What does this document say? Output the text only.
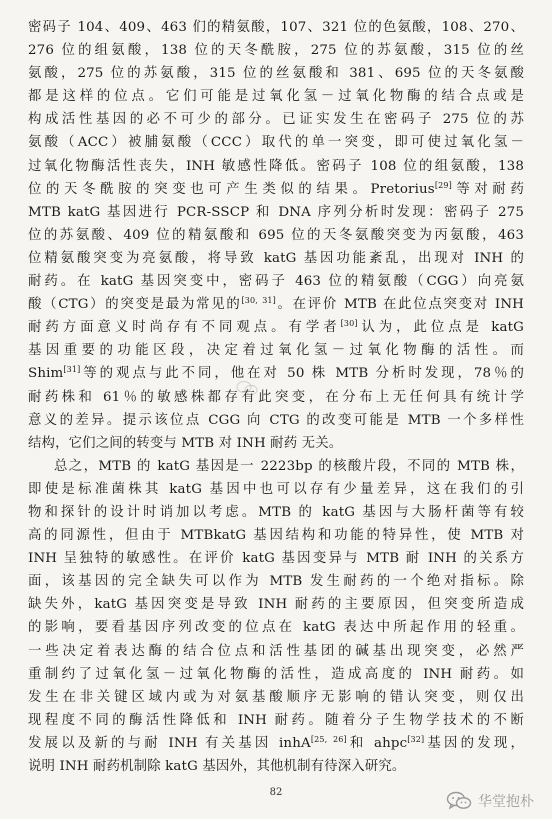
密码子 104、409、463 们的精氨酸，107、321 位的色氨酸，108、270、
276 位的组氨酸，138 位的天冬酰胺，275 位的苏氨酸，315 位的丝
氨酸，275 位的苏氨酸，315 位的丝氨酸和 381、695 位的天冬氨酸
都是这样的位点。它们可能是过氧化氢－过氧化物酶的结合点或是
构成活性基因的必不可少的部分。已证实发生在密码子 275 位的苏
氨酸（ACC）被脯氨酸（CCC）取代的单一突变，即可使过氧化氢－
过氧化物酶活性丧失，INH 敏感性降低。密码子 108 位的组氨酸，138
位的天冬酰胺的突变也可产生类似的结果。Pretorius[29]等对耐药
MTB katG 基因进行 PCR-SSCP 和 DNA 序列分析时发现：密码子 275
位的苏氨酸、409 位的精氨酸和 695 位的天冬氨酸突变为丙氨酸，463
位精氨酸突变为亮氨酸，将导致 katG 基因功能紊乱，出现对 INH 的
耐药。在 katG 基因突变中，密码子 463 位的精氨酸（CGG）向亮氨
酸（CTG）的突变是最为常见的[30, 31]。在评价 MTB 在此位点突变对 INH
耐药方面意义时尚存有不同观点。有学者[30]认为，此位点是 katG
基因重要的功能区段，决定着过氧化氢－过氧化物酶的活性。而
Shim[31]等的观点与此不同，他在对 50 株 MTB 分析时发现，78％的
耐药株和 61％的敏感株都存有此突变，在分布上无任何具有统计学
意义的差异。提示该位点 CGG 向 CTG 的改变可能是 MTB 一个多样性
结构，它们之间的转变与 MTB 对 INH 耐药 无关。
总之，MTB 的 katG 基因是一 2223bp 的核酸片段，不同的 MTB 株，
即使是标准菌株其 katG 基因中也可以存有少量差异，这在我们的引
物和探针的设计时诮加以考虑。MTB 的 katG 基因与大肠杆菌等有较
高的同源性，但由于 MTBkatG 基因结构和功能的特异性，使 MTB 对
INH 呈独特的敏感性。在评价 katG 基因变异与 MTB 耐 INH 的关系方
面，该基因的完全缺失可以作为 MTB 发生耐药的一个绝对指标。除
缺失外，katG 基因突变是导致 INH 耐药的主要原因，但突变所造成
的影响，要看基因序列改变的位点在 katG 表达中所起作用的轻重。
一些决定着表达酶的结合位点和活性基团的碱基出现突变，必然严
重制约了过氧化氢－过氧化物酶的活性，造成高度的 INH 耐药。如
发生在非关键区域内或为对氨基酸顺序无影响的错认突变，则仅出
现程度不同的酶活性降低和 INH 耐药。随着分子生物学技术的不断
发展以及新的与耐 INH 有关基因 inhA[25, 26]和 ahpc[32]基因的发现，
说明 INH 耐药机制除 katG 基因外，其他机制有待深入研究。
82
华堂抱朴
